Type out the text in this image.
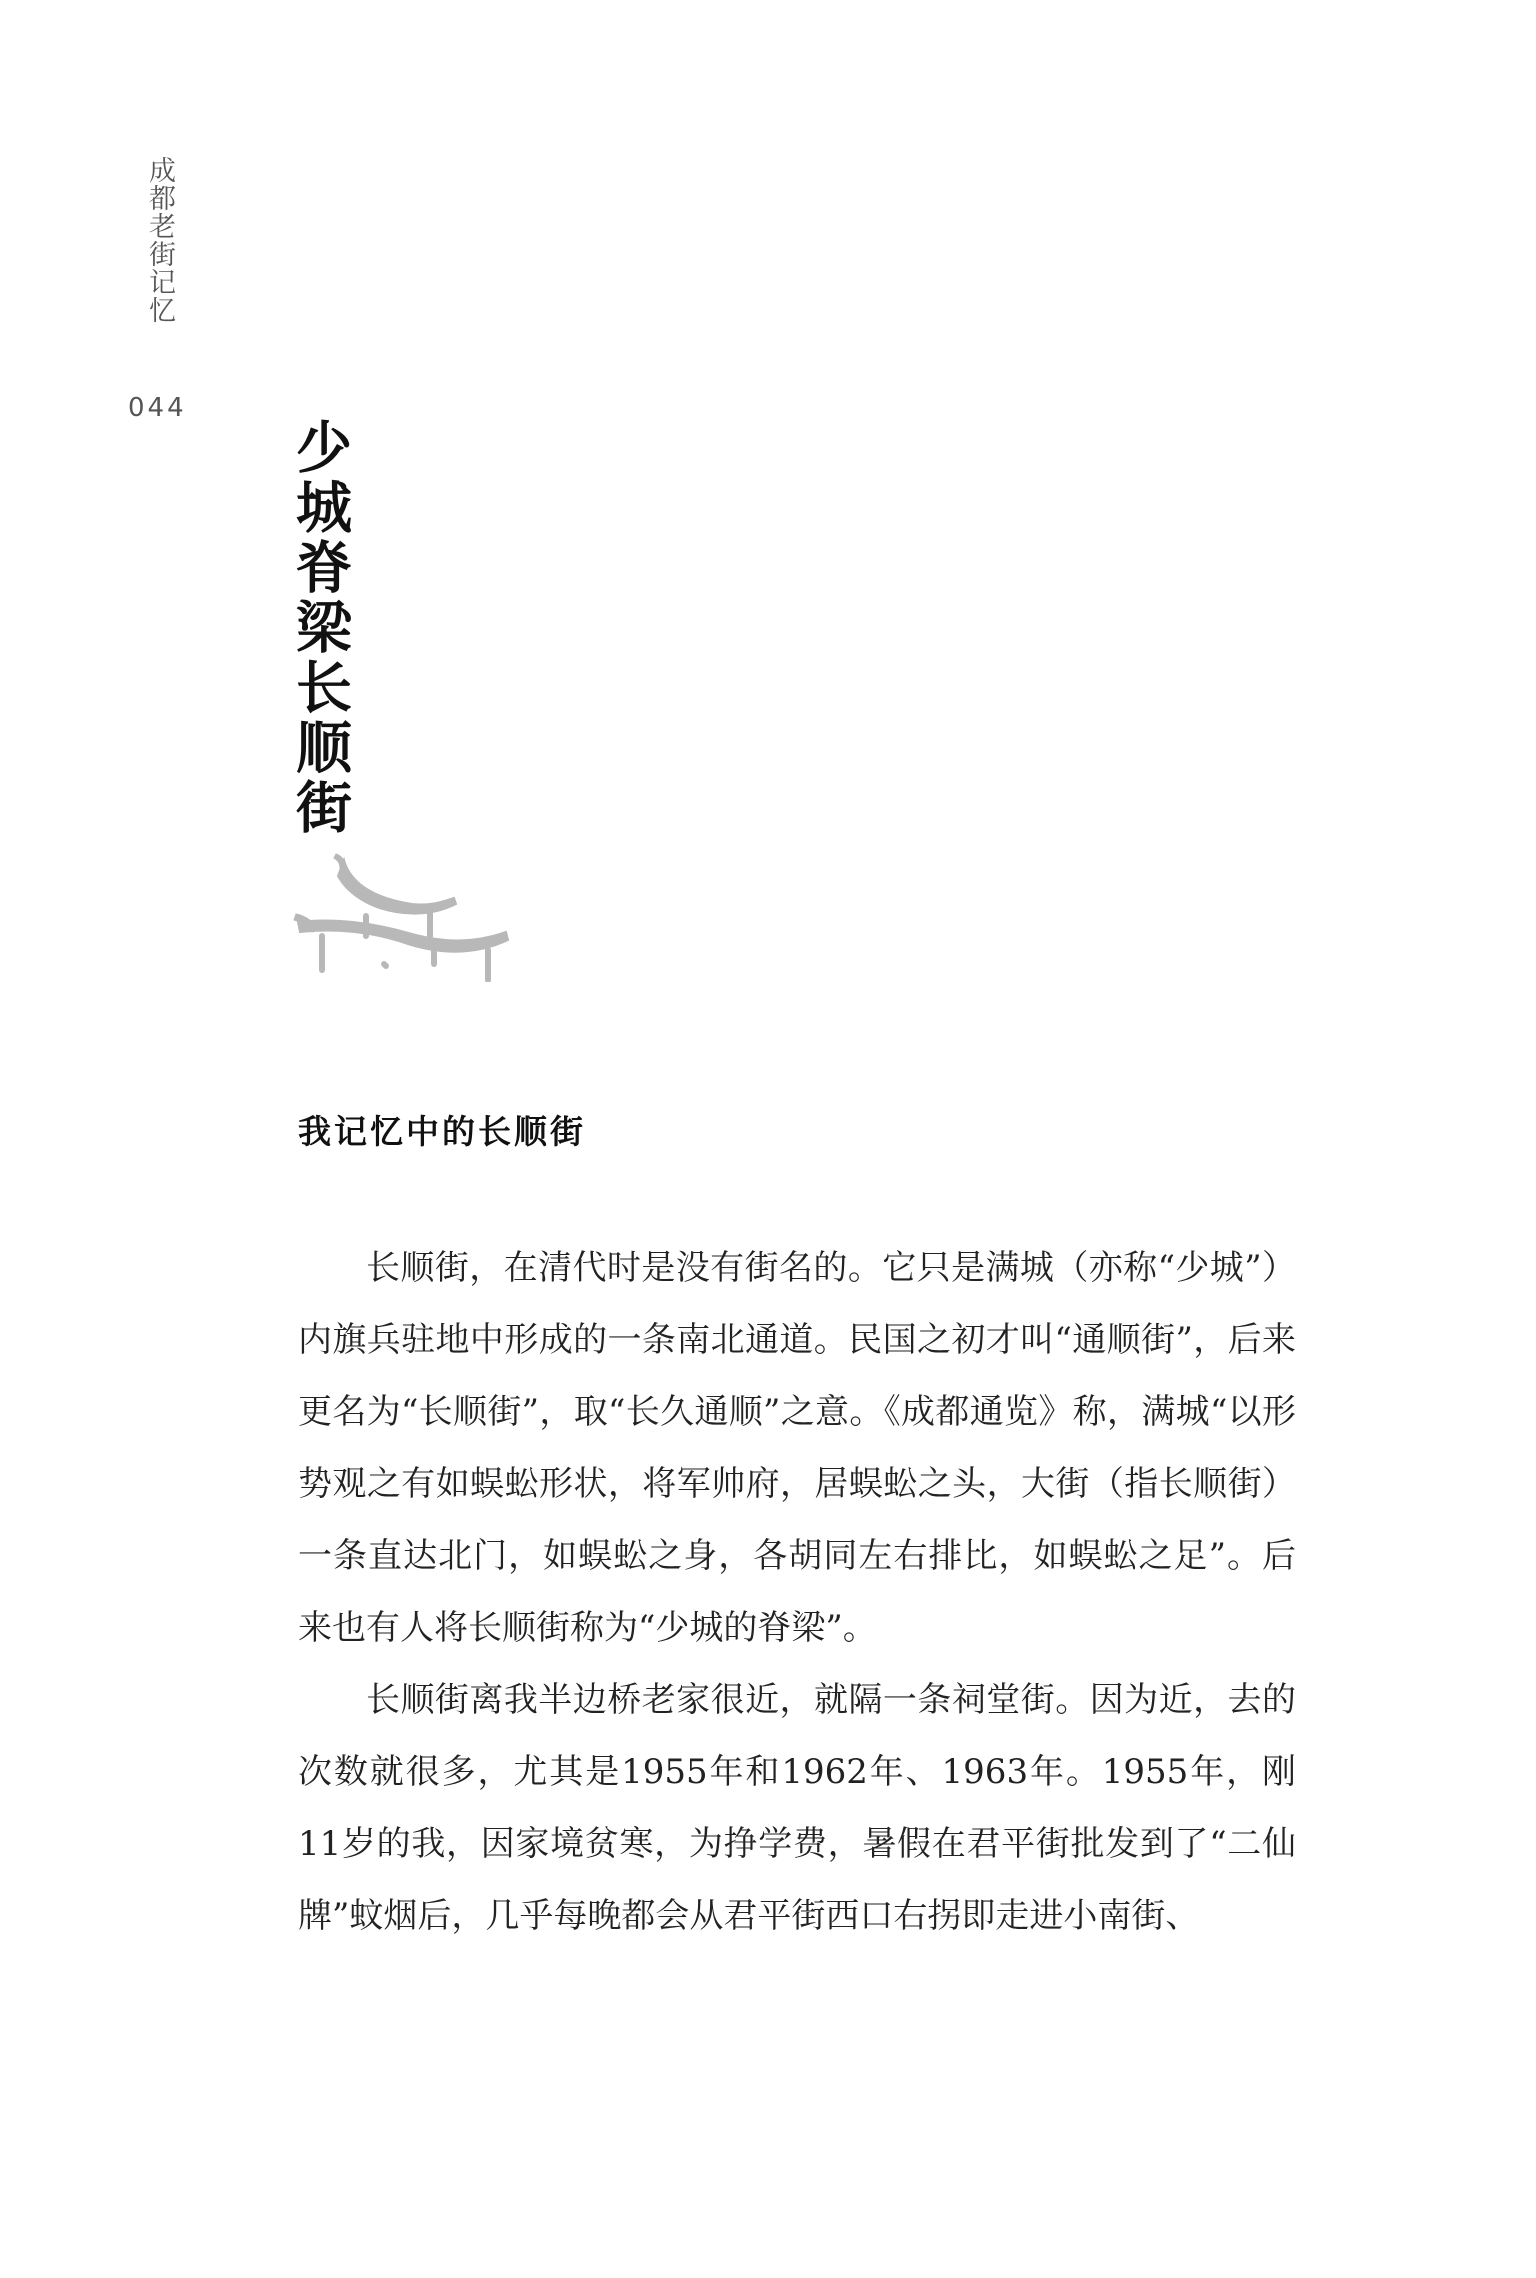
成都老街记忆
044
少城脊梁长顺街
我记忆中的长顺街

长顺街，在清代时是没有街名的。它只是满城（亦称“少城”）内旗兵驻地中形成的一条南北通道。民国之初才叫“通顺街”，后来更名为“长顺街”，取“长久通顺”之意。《成都通览》称，满城“以形势观之有如蜈蚣形状，将军帅府，居蜈蚣之头，大街（指长顺街）一条直达北门，如蜈蚣之身，各胡同左右排比，如蜈蚣之足”。后来也有人将长顺街称为“少城的脊梁”。

长顺街离我半边桥老家很近，就隔一条祠堂街。因为近，去的次数就很多，尤其是1955年和1962年、1963年。1955年，刚11岁的我，因家境贫寒，为挣学费，暑假在君平街批发到了“二仙牌”蚊烟后，几乎每晚都会从君平街西口右拐即走进小南街、
